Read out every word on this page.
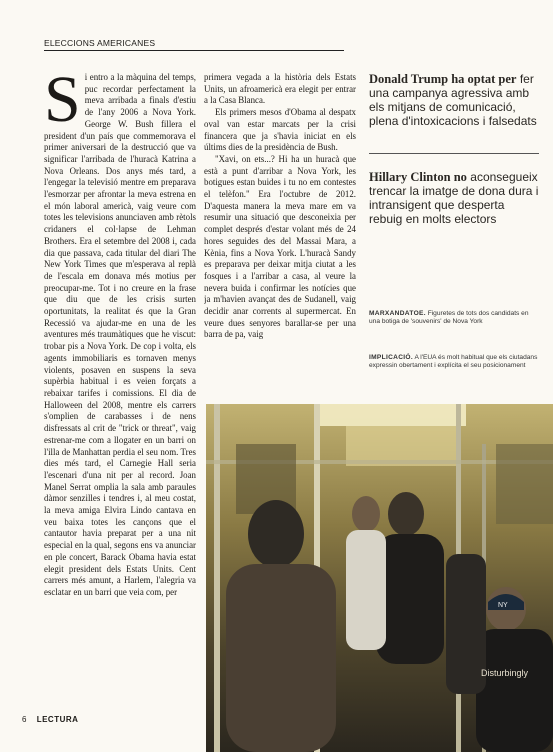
ELECCIONS AMERICANES
S i entro a la màquina del temps, puc recordar perfectament la meva arribada a finals d'estiu de l'any 2006 a Nova York. George W. Bush fillera el president d'un país que commemorava el primer aniversari de la destrucció que va significar l'arribada de l'huracà Katrina a Nova Orleans. Dos anys més tard, a l'engegar la televisió mentre em preparava l'esmorzar per afrontar la meva estrena en el món laboral americà, vaig veure com totes les televisions anunciaven amb rètols cridaners el col·lapse de Lehman Brothers. Era el setembre del 2008 i, cada dia que passava, cada titular del diari The New York Times que m'esperava al replà de l'escala em donava més motius per preocupar-me. Tot i no creure en la frase que diu que de les crisis surten oportunitats, la realitat és que la Gran Recessió va ajudar-me en una de les aventures més traumàtiques que he viscut: trobar pis a Nova York. De cop i volta, els agents immobiliaris es tornaven menys violents, posaven en suspens la seva supèrbia habitual i es veien forçats a rebaixar tarifes i comissions. El dia de Halloween del 2008, mentre els carrers s'omplien de carabasses i de nens disfressats al crit de "trick or threat", vaig estrenar-me com a llogater en un barri on l'illa de Manhattan perdia el seu nom. Tres dies més tard, el Carnegie Hall seria l'escenari d'una nit per al record. Joan Manel Serrat omplia la sala amb paraules dàmor senzilles i tendres i, al meu costat, la meva amiga Elvira Lindo cantava en veu baixa totes les cançons que el cantautor havia preparat per a una nit especial en la qual, segons ens va anunciar en ple concert, Barack Obama havia estat elegit president dels Estats Units. Cent carrers més amunt, a Harlem, l'alegria va esclatar en un barri que veia com, per

primera vegada a la història dels Estats Units, un afroamericà era elegit per entrar a la Casa Blanca.

Els primers mesos d'Obama al despatx oval van estar marcats per la crisi financera que ja s'havia iniciat en els últims dies de la presidència de Bush.

"Xavi, on ets...? Hi ha un huracà que està a punt d'arribar a Nova York, les botigues estan buides i tu no em contestes el telèfon." Era l'octubre de 2012. D'aquesta manera la meva mare em va resumir una situació que desconeixia per complet després d'estar volant més de 24 hores seguides des del Massai Mara, a Kènia, fins a Nova York. L'huracà Sandy es preparava per deixar mitja ciutat a les fosques i a l'arribar a casa, al veure la nevera buida i confirmar les notícies que ja m'havien avançat des de Sudanell, vaig decidir anar corrents al supermercat. En veure dues senyores barallar-se per una barra de pa, vaig

Donald Trump ha optat per fer una campanya agressiva amb els mitjans de comunicació, plena d'intoxicacions i falsedats
Hillary Clinton no aconsegueix trencar la imatge de dona dura i intransigent que desperta rebuig en molts electors
MARXANDATOE. Figuretes de tots dos candidats en una botiga de 'souvenirs' de Nova York
IMPLICACIÓ. A l'EUA és molt habitual que els ciutadans expressin obertament i explícita el seu posicionament
Disturbingly
NY
6 LECTURA
